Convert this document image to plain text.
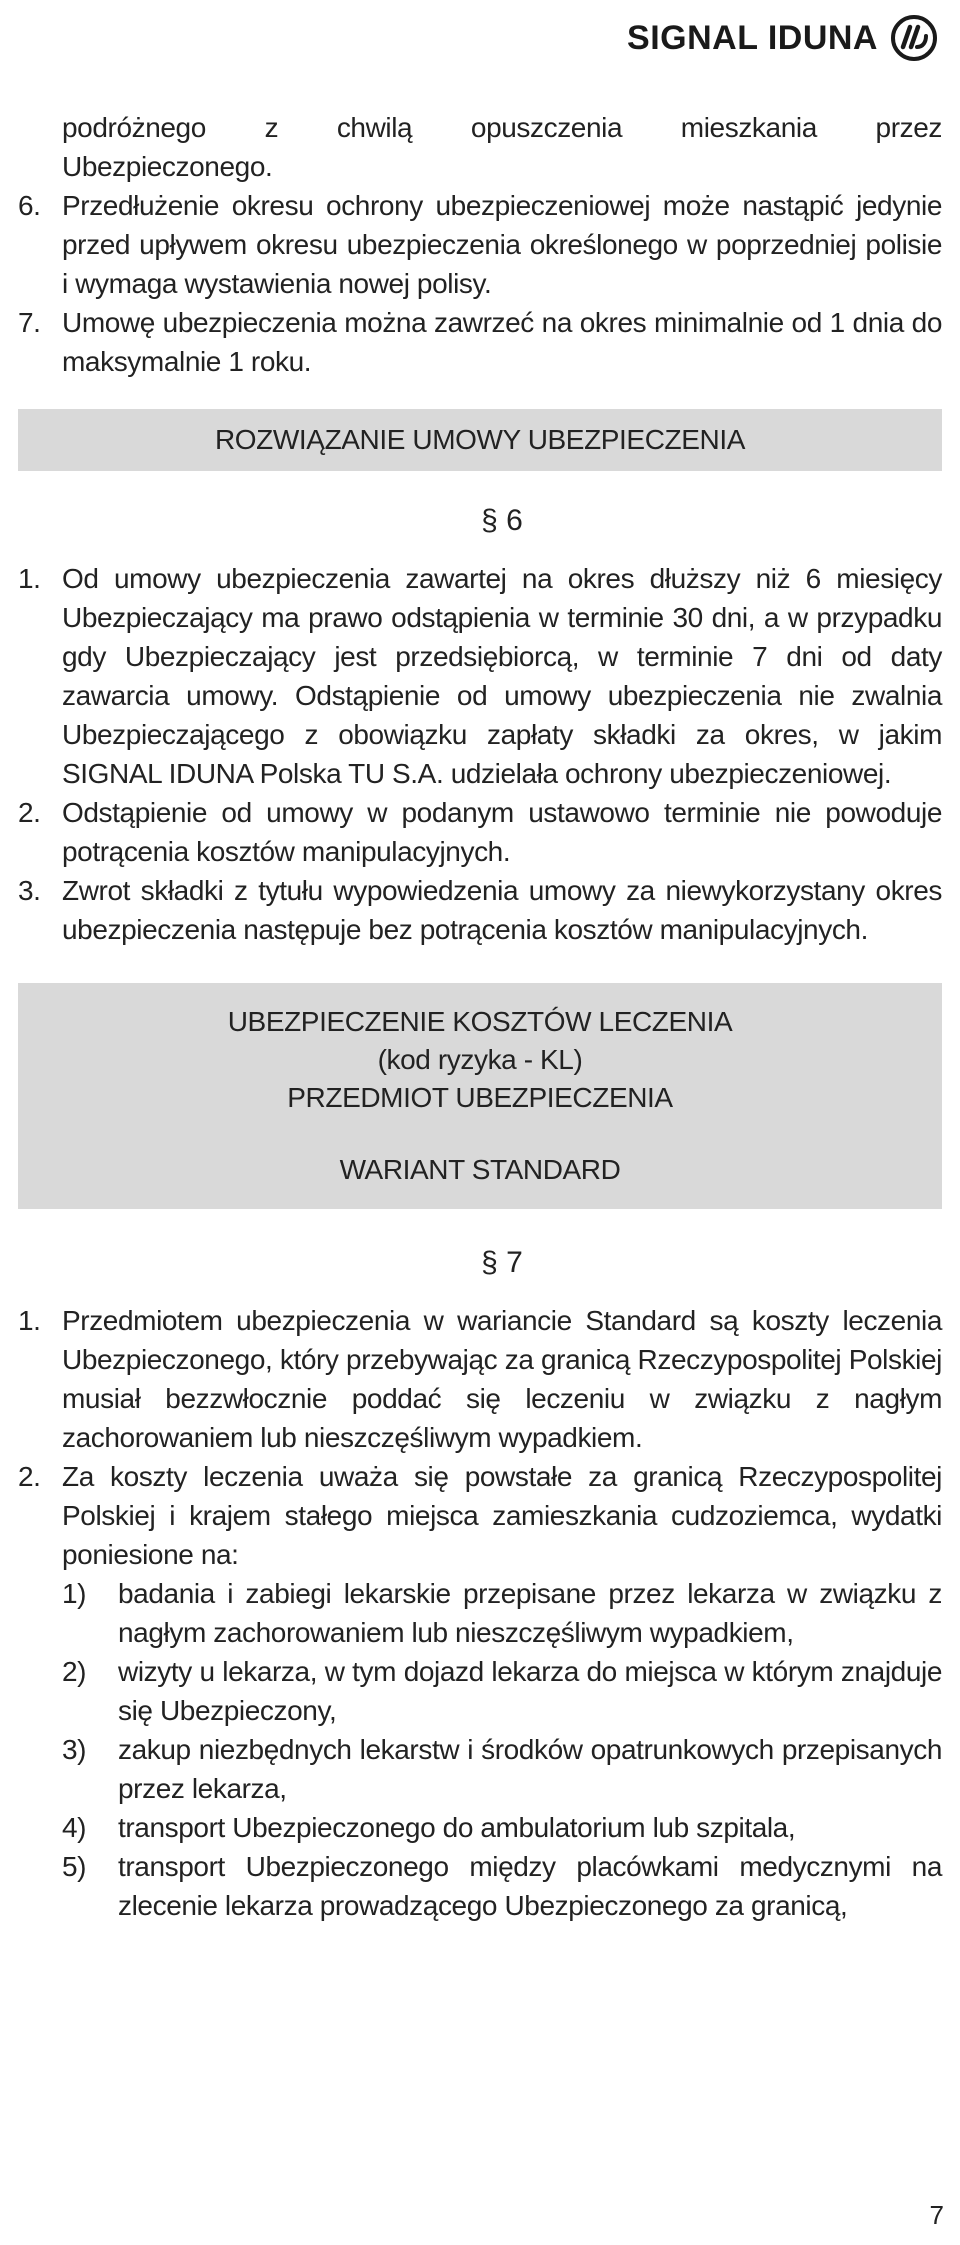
SIGNAL IDUNA
podróżnego z chwilą opuszczenia mieszkania przez
Ubezpieczonego.
6. Przedłużenie okresu ochrony ubezpieczeniowej może nastąpić jedynie przed upływem okresu ubezpieczenia określonego w poprzedniej polisie i wymaga wystawienia nowej polisy.
7. Umowę ubezpieczenia można zawrzeć na okres minimalnie od 1 dnia do maksymalnie 1 roku.
ROZWIĄZANIE UMOWY UBEZPIECZENIA
§ 6
1. Od umowy ubezpieczenia zawartej na okres dłuższy niż 6 miesięcy Ubezpieczający ma prawo odstąpienia w terminie 30 dni, a w przypadku gdy Ubezpieczający jest przedsiębiorcą, w terminie 7 dni od daty zawarcia umowy. Odstąpienie od umowy ubezpieczenia nie zwalnia Ubezpieczającego z obowiązku zapłaty składki za okres, w jakim SIGNAL IDUNA Polska TU S.A. udzielała ochrony ubezpieczeniowej.
2. Odstąpienie od umowy w podanym ustawowo terminie nie powoduje potrącenia kosztów manipulacyjnych.
3. Zwrot składki z tytułu wypowiedzenia umowy za niewykorzystany okres ubezpieczenia następuje bez potrącenia kosztów manipulacyjnych.
UBEZPIECZENIE KOSZTÓW LECZENIA
(kod ryzyka - KL)
PRZEDMIOT UBEZPIECZENIA
WARIANT STANDARD
§ 7
1. Przedmiotem ubezpieczenia w wariancie Standard są koszty leczenia Ubezpieczonego, który przebywając za granicą Rzeczypospolitej Polskiej musiał bezzwłocznie poddać się leczeniu w związku z nagłym zachorowaniem lub nieszczęśliwym wypadkiem.
2. Za koszty leczenia uważa się powstałe za granicą Rzeczypospolitej Polskiej i krajem stałego miejsca zamieszkania cudzoziemca, wydatki poniesione na:
1) badania i zabiegi lekarskie przepisane przez lekarza w związku z nagłym zachorowaniem lub nieszczęśliwym wypadkiem,
2) wizyty u lekarza, w tym dojazd lekarza do miejsca w którym znajduje się Ubezpieczony,
3) zakup niezbędnych lekarstw i środków opatrunkowych przepisanych przez lekarza,
4) transport Ubezpieczonego do ambulatorium lub szpitala,
5) transport Ubezpieczonego między placówkami medycznymi na zlecenie lekarza prowadzącego Ubezpieczonego za granicą,
7
